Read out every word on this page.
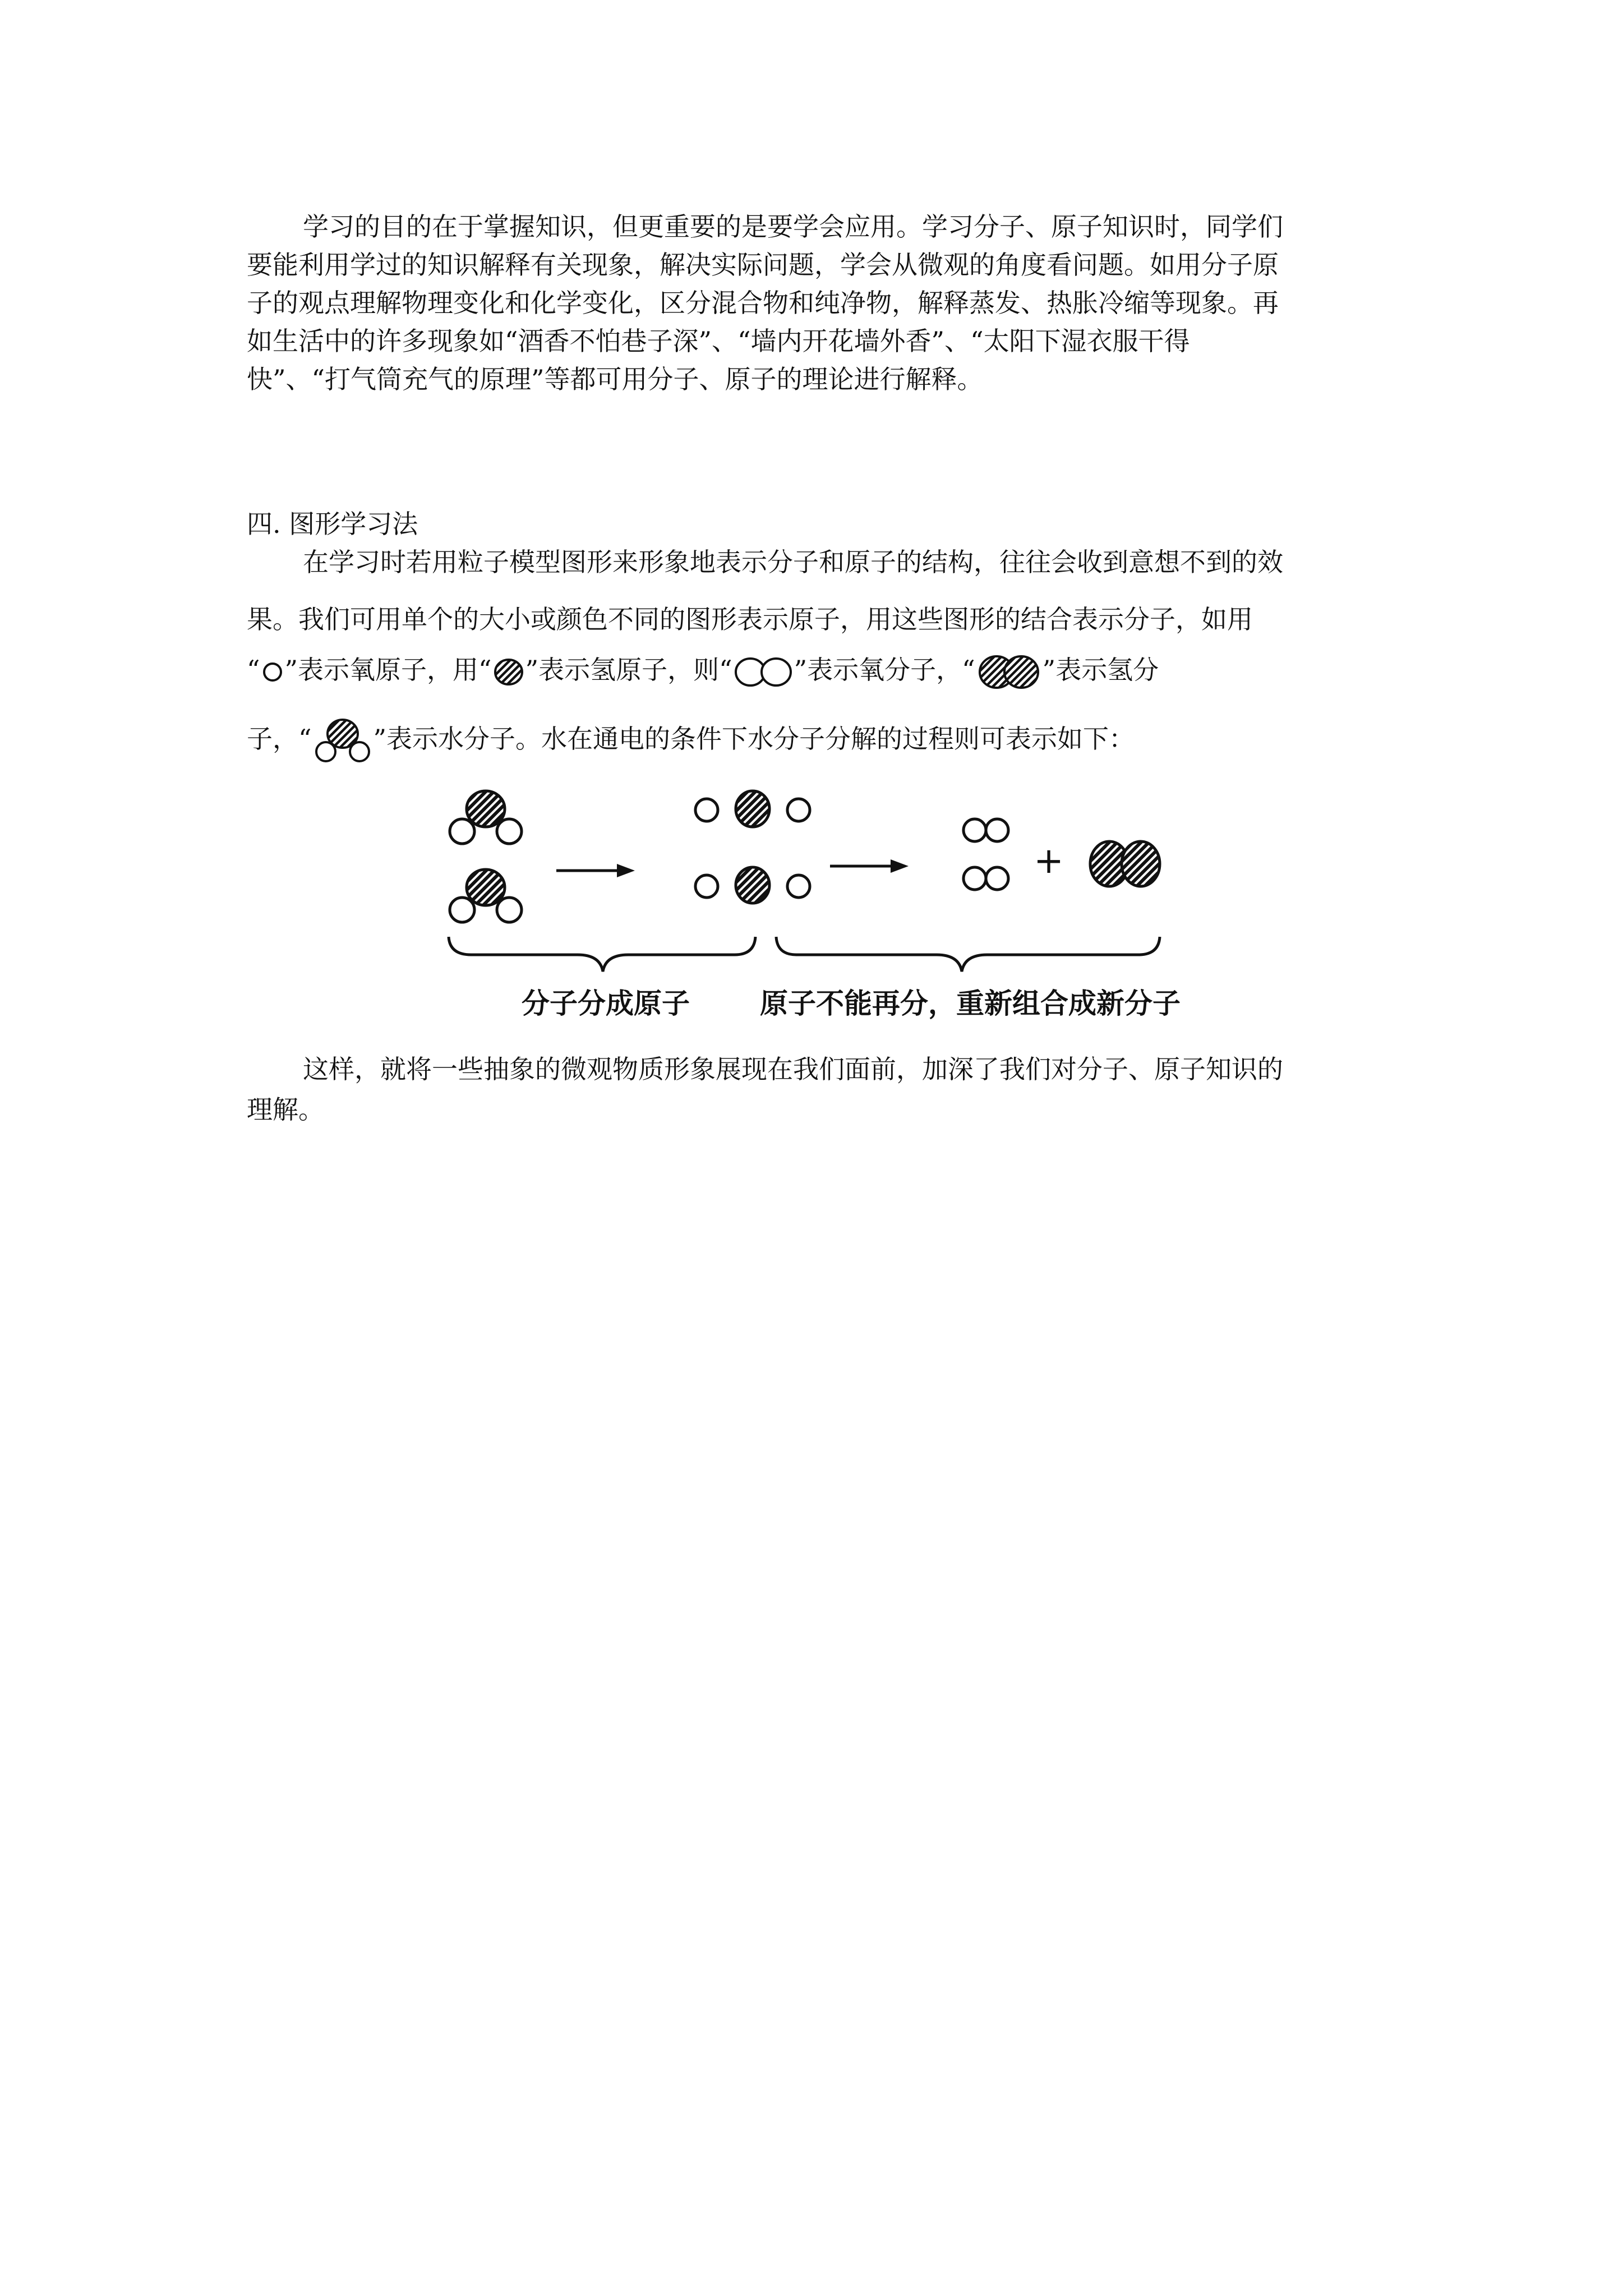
学习的目的在于掌握知识，但更重要的是要学会应用。学习分子、原子知识时，同学们
要能利用学过的知识解释有关现象，解决实际问题，学会从微观的角度看问题。如用分子原
子的观点理解物理变化和化学变化，区分混合物和纯净物，解释蒸发、热胀冷缩等现象。再
如生活中的许多现象如“酒香不怕巷子深”、“墙内开花墙外香”、“太阳下湿衣服干得
快”、“打气筒充气的原理”等都可用分子、原子的理论进行解释。
四. 图形学习法
在学习时若用粒子模型图形来形象地表示分子和原子的结构，往往会收到意想不到的效
果。我们可用单个的大小或颜色不同的图形表示原子，用这些图形的结合表示分子，如用
“ ”表示氧原子，用“ ”表示氢原子，则“ ”表示氧分子，“	”表示氢分
子，“ ”表示水分子。水在通电的条件下水分子分解的过程则可表示如下：
+
分子分成原子	原子不能再分，重新组合成新分子
这样，就将一些抽象的微观物质形象展现在我们面前，加深了我们对分子、原子知识的
理解。
